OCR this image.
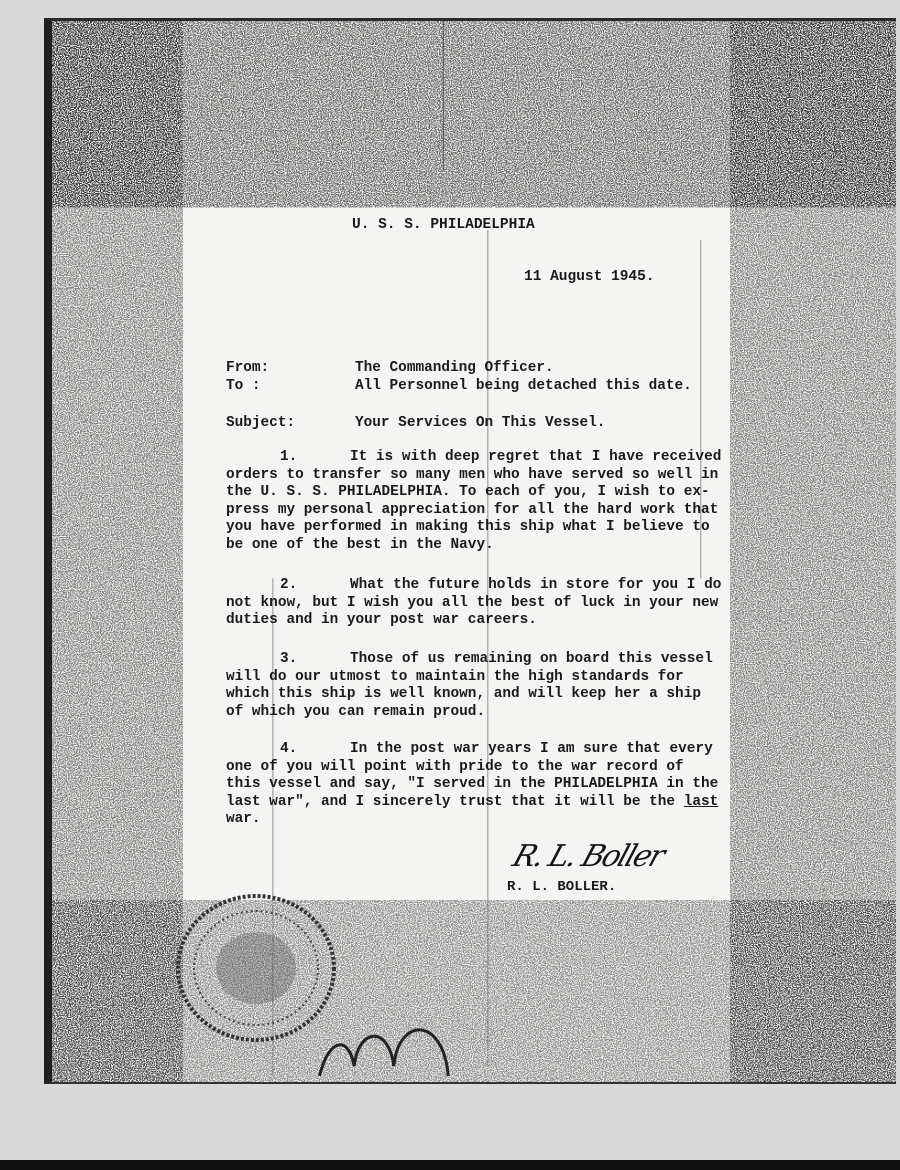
U. S. S. PHILADELPHIA
11 August 1945.
From:	The Commanding Officer.
To :	All Personnel being detached this date.
Subject:	Your Services On This Vessel.
1.	It is with deep regret that I have received
orders to transfer so many men who have served so well in
the U. S. S. PHILADELPHIA. To each of you, I wish to ex-
press my personal appreciation for all the hard work that
you have performed in making this ship what I believe to
be one of the best in the Navy.
2.	What the future holds in store for you I do
not know, but I wish you all the best of luck in your new
duties and in your post war careers.
3.	Those of us remaining on board this vessel
will do our utmost to maintain the high standards for
which this ship is well known, and will keep her a ship
of which you can remain proud.
4.	In the post war years I am sure that every
one of you will point with pride to the war record of
this vessel and say, "I served in the PHILADELPHIA in the
last war", and I sincerely trust that it will be the last
war.
R. L. Boller
R. L. BOLLER.
